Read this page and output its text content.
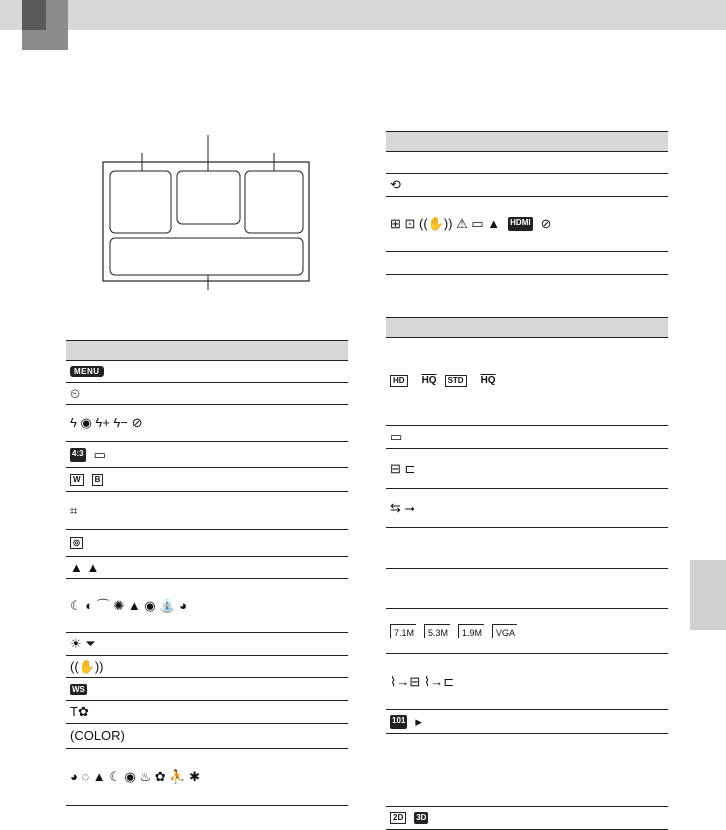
MENU
⏲
ϟ ◉ ϟ+ ϟ− ⊘
4:3 ▭
W	B
⌗
◎
▲ ▲
☾ ◐ ⌒ ✺ ▲ ◉ ⛲ ◕
☀ ⏷
((✋))
WS
T✿
(COLOR)
◕ ◌ ▲ ☾ ◉ ♨ ✿ ⛹ ✱
⟲
⊞ ⊡ ((✋)) ⚠ ▭ ▲ HDMI ⊘
HD	$\overline{HQ}$	STD	$\overline{HQ}$
▭
⊟ ⊏
⇆ ⭢
7.1M	5.3M	1.9M	VGA
⌇→⊟ ⌇→⊏
101 ▸
2D	3D
